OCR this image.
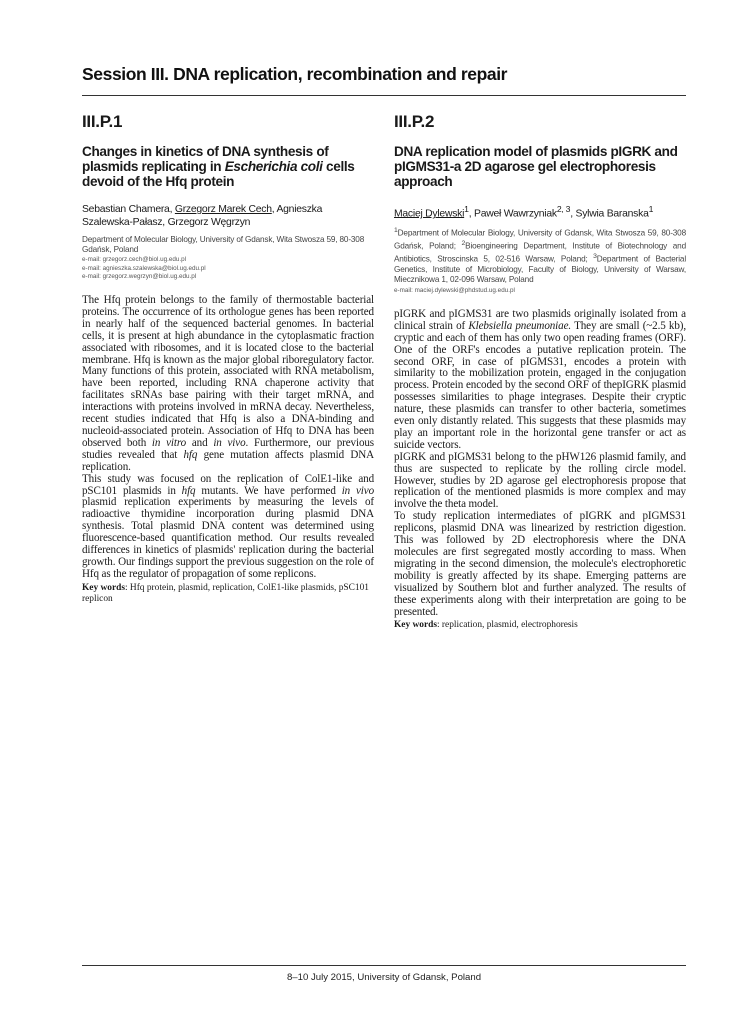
Session III. DNA replication, recombination and repair
III.P.1
Changes in kinetics of DNA synthesis of plasmids replicating in Escherichia coli cells devoid of the Hfq protein
Sebastian Chamera, Grzegorz Marek Cech, Agnieszka Szalewska-Pałasz, Grzegorz Węgrzyn
Department of Molecular Biology, University of Gdansk, Wita Stwosza 59, 80-308 Gdańsk, Poland
e-mail: grzegorz.cech@biol.ug.edu.pl
e-mail: agnieszka.szalewska@biol.ug.edu.pl
e-mail: grzegorz.wegrzyn@biol.ug.edu.pl

The Hfq protein belongs to the family of thermostable bacterial proteins. The occurrence of its orthologue genes has been reported in nearly half of the sequenced bacterial genomes. In bacterial cells, it is present at high abundance in the cytoplasmatic fraction associated with ribosomes, and it is located close to the bacterial membrane. Hfq is known as the major global riboregulatory factor. Many functions of this protein, associated with RNA metabolism, have been reported, including RNA chaperone activity that facilitates sRNAs base pairing with their target mRNA, and interactions with proteins involved in mRNA decay. Nevertheless, recent studies indicated that Hfq is also a DNA-binding and nucleoid-associated protein. Association of Hfq to DNA has been observed both in vitro and in vivo. Furthermore, our previous studies revealed that hfq gene mutation affects plasmid DNA replication.

This study was focused on the replication of ColE1-like and pSC101 plasmids in hfq mutants. We have performed in vivo plasmid replication experiments by measuring the levels of radioactive thymidine incorporation during plasmid DNA synthesis. Total plasmid DNA content was determined using fluorescence-based quantification method. Our results revealed differences in kinetics of plasmids' replication during the bacterial growth. Our findings support the previous suggestion on the role of Hfq as the regulator of propagation of some replicons.

Key words: Hfq protein, plasmid, replication, ColE1-like plasmids, pSC101 replicon
III.P.2
DNA replication model of plasmids pIGRK and pIGMS31-a 2D agarose gel electrophoresis approach
Maciej Dylewski$^1$, Paweł Wawrzyniak$^{2, 3}$, Sylwia Baranska$^1$
$^1$Department of Molecular Biology, University of Gdansk, Wita Stwosza 59, 80-308 Gdańsk, Poland; $^2$Bioengineering Department, Institute of Biotechnology and Antibiotics, Stroscinska 5, 02-516 Warsaw, Poland; $^3$Department of Bacterial Genetics, Institute of Microbiology, Faculty of Biology, University of Warsaw, Miecznikowa 1, 02-096 Warsaw, Poland
e-mail: maciej.dylewski@phdstud.ug.edu.pl

pIGRK and pIGMS31 are two plasmids originally isolated from a clinical strain of Klebsiella pneumoniae. They are small (~2.5 kb), cryptic and each of them has only two open reading frames (ORF). One of the ORF's encodes a putative replication protein. The second ORF, in case of pIGMS31, encodes a protein with similarity to the mobilization protein, engaged in the conjugation process. Protein encoded by the second ORF of thepIGRK plasmid possesses similarities to phage integrases. Despite their cryptic nature, these plasmids can transfer to other bacteria, sometimes even only distantly related. This suggests that these plasmids may play an important role in the horizontal gene transfer or act as suicide vectors.

pIGRK and pIGMS31 belong to the pHW126 plasmid family, and thus are suspected to replicate by the rolling circle model. However, studies by 2D agarose gel electrophoresis propose that replication of the mentioned plasmids is more complex and may involve the theta model.

To study replication intermediates of pIGRK and pIGMS31 replicons, plasmid DNA was linearized by restriction digestion. This was followed by 2D electrophoresis where the DNA molecules are first segregated mostly according to mass. When migrating in the second dimension, the molecule's electrophoretic mobility is greatly affected by its shape. Emerging patterns are visualized by Southern blot and further analyzed. The results of these experiments along with their interpretation are going to be presented.

Key words: replication, plasmid, electrophoresis
8–10 July 2015, University of Gdansk, Poland
